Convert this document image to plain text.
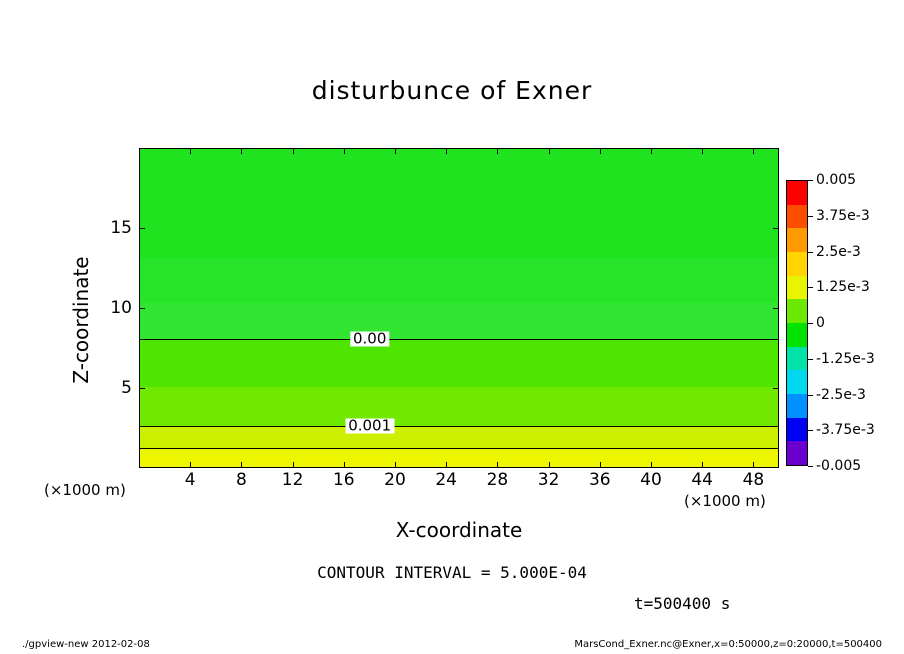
disturbunce of Exner
0.00
0.001
Z-coordinate
X-coordinate
(×1000 m)
(×1000 m)
CONTOUR INTERVAL = 5.000E-04
t=500400 s
./gpview-new 2012-02-08	MarsCond_Exner.nc@Exner,x=0:50000,z=0:20000,t=500400
4 8 12 16 20 24 28 32 36 40 44 48
5
10
15
0.005
3.75e-3
2.5e-3
1.25e-3
0
-1.25e-3
-2.5e-3
-3.75e-3
-0.005
